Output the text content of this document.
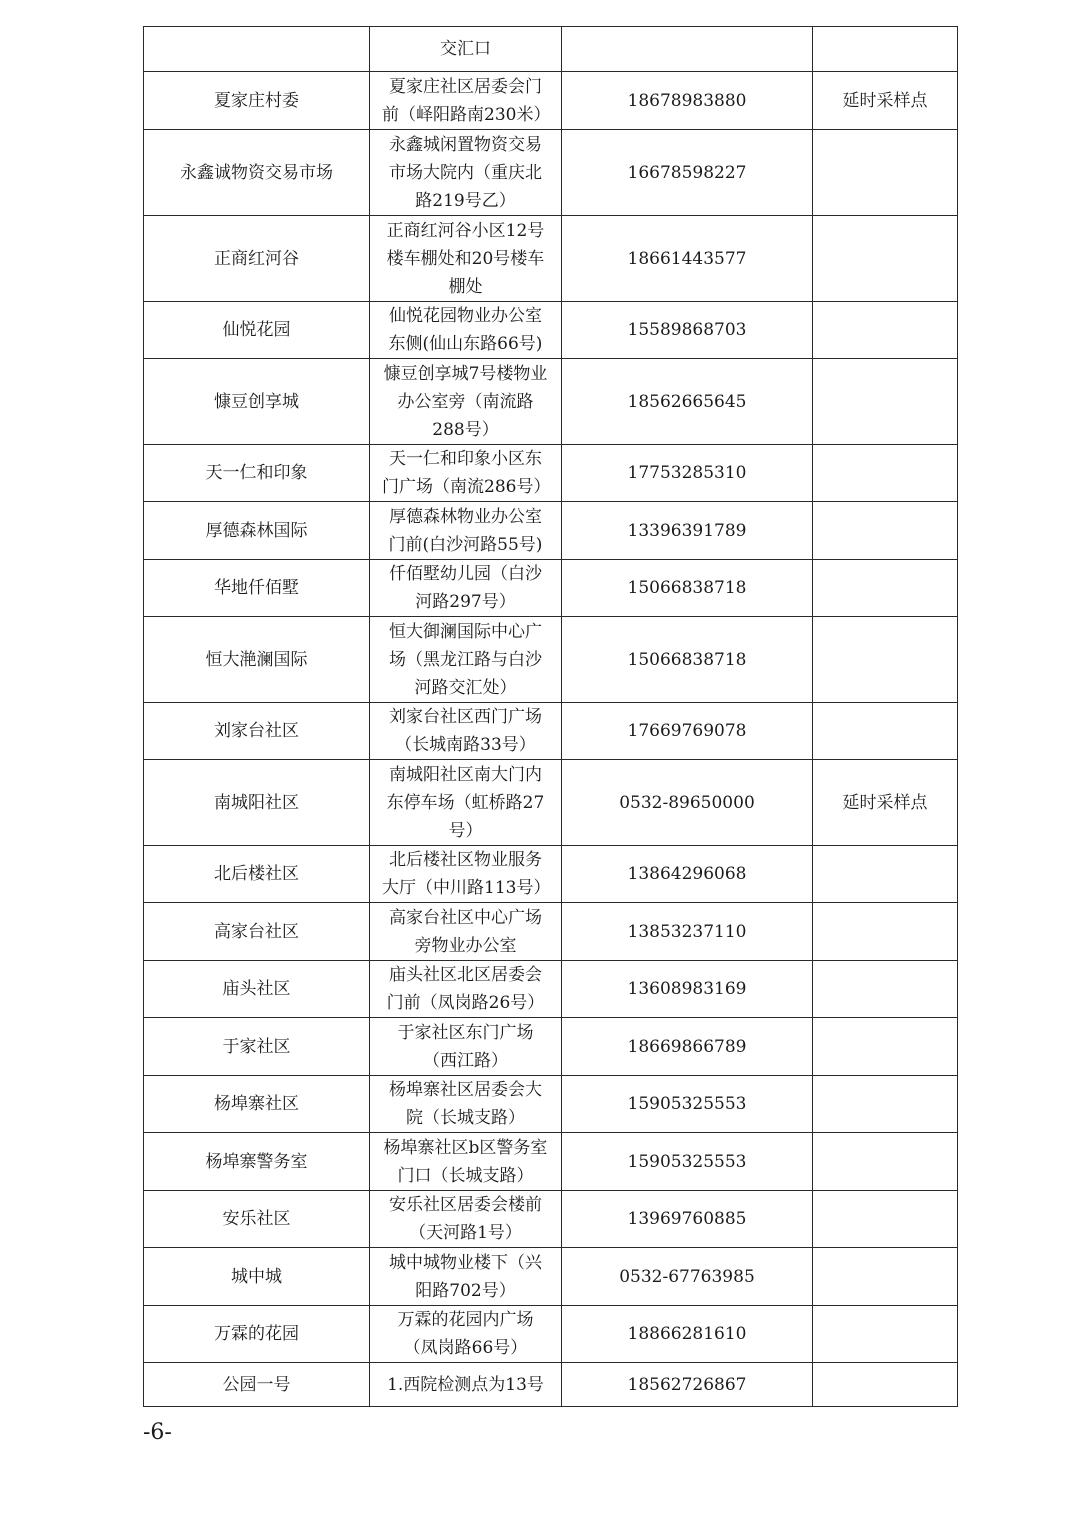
	交汇口		
夏家庄村委	夏家庄社区居委会门前（峄阳路南230米）	18678983880	延时采样点
永鑫诚物资交易市场	永鑫城闲置物资交易市场大院内（重庆北路219号乙）	16678598227	
正商红河谷	正商红河谷小区12号楼车棚处和20号楼车棚处	18661443577	
仙悦花园	仙悦花园物业办公室东侧(仙山东路66号)	15589868703	
慷豆创享城	慷豆创享城7号楼物业办公室旁（南流路288号）	18562665645	
天一仁和印象	天一仁和印象小区东门广场（南流286号）	17753285310	
厚德森林国际	厚德森林物业办公室门前(白沙河路55号)	13396391789	
华地仟佰墅	仟佰墅幼儿园（白沙河路297号）	15066838718	
恒大滟澜国际	恒大御澜国际中心广场（黑龙江路与白沙河路交汇处）	15066838718	
刘家台社区	刘家台社区西门广场（长城南路33号）	17669769078	
南城阳社区	南城阳社区南大门内东停车场（虹桥路27号）	0532-89650000	延时采样点
北后楼社区	北后楼社区物业服务大厅（中川路113号）	13864296068	
高家台社区	高家台社区中心广场旁物业办公室	13853237110	
庙头社区	庙头社区北区居委会门前（凤岗路26号）	13608983169	
于家社区	于家社区东门广场（西江路）	18669866789	
杨埠寨社区	杨埠寨社区居委会大院（长城支路）	15905325553	
杨埠寨警务室	杨埠寨社区b区警务室门口（长城支路）	15905325553	
安乐社区	安乐社区居委会楼前（天河路1号）	13969760885	
城中城	城中城物业楼下（兴阳路702号）	0532-67763985	
万霖的花园	万霖的花园内广场（凤岗路66号）	18866281610	
公园一号	1.西院检测点为13号	18562726867	
-6-
